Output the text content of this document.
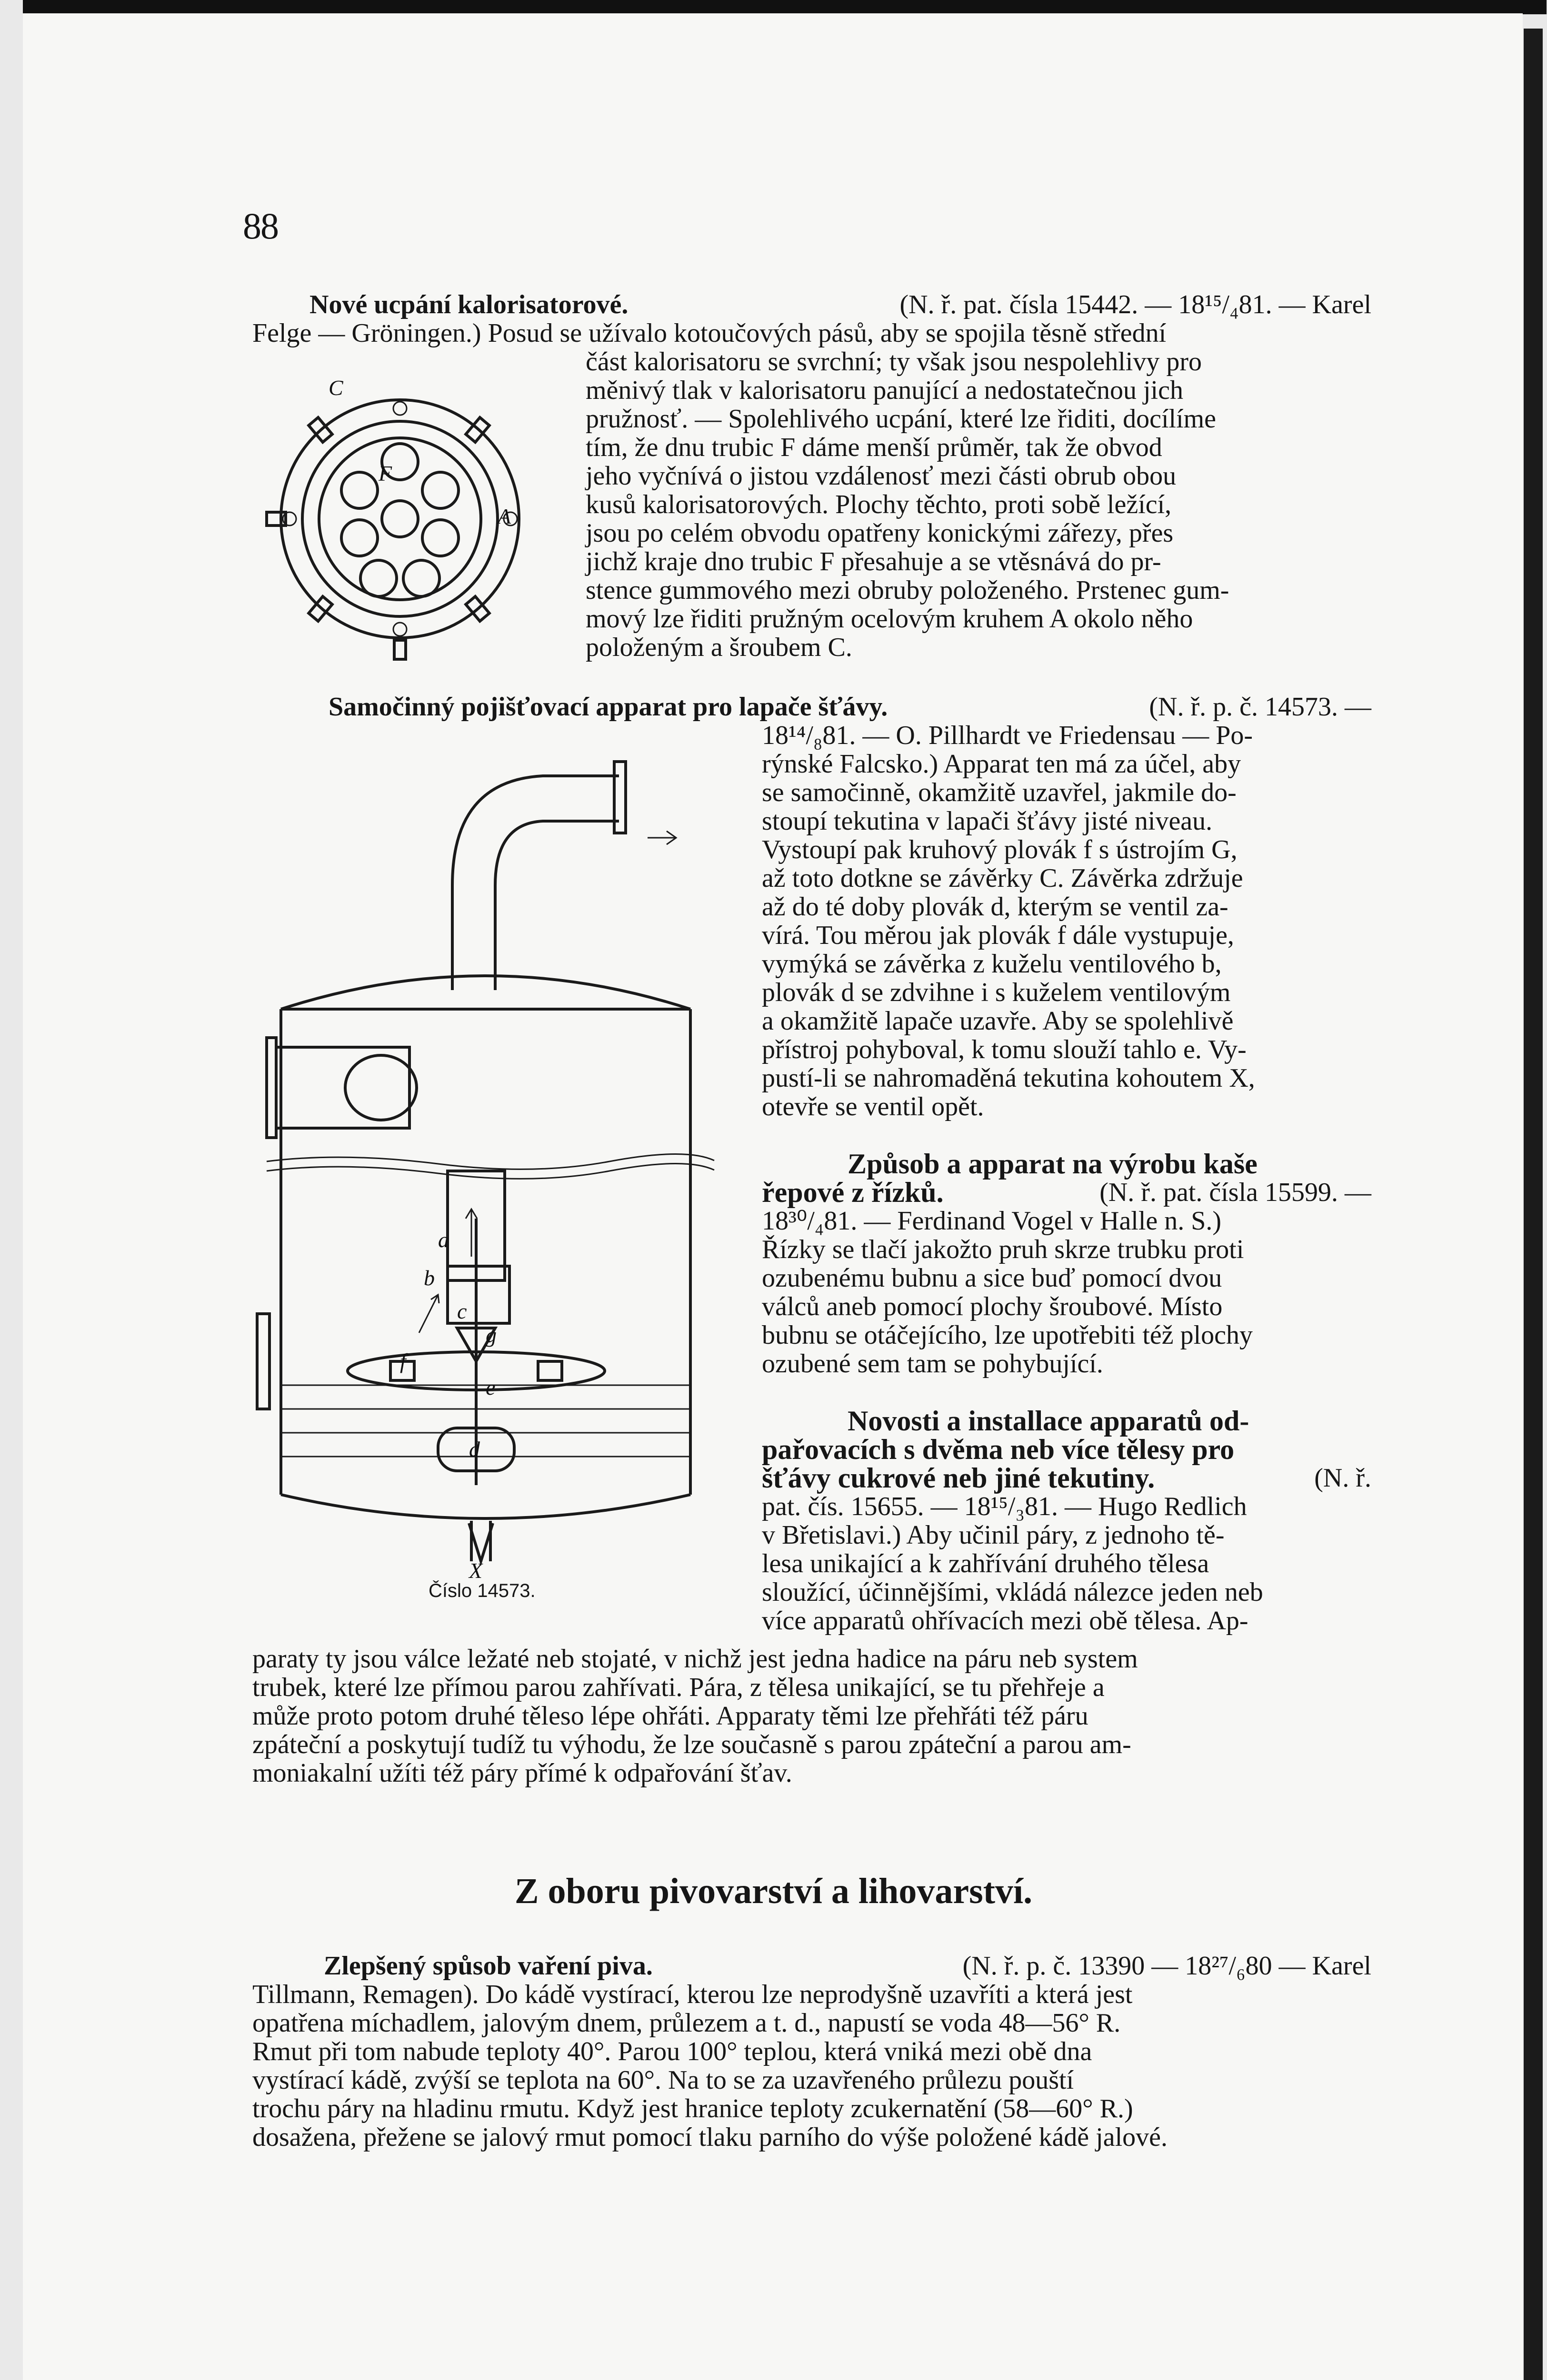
88
Nové ucpání kalorisatorové.	(N. ř. pat. čísla 15442. — 18¹⁵/₄81. — Karel
Felge — Gröningen.) Posud se užívalo kotoučových pásů, aby se spojila těsně střední
C
F
A
část kalorisatoru se svrchní; ty však jsou nespolehlivy pro
měnivý tlak v kalorisatoru panující a nedostatečnou jich
pružnosť. — Spolehlivého ucpání, které lze řiditi, docílíme
tím, že dnu trubic F dáme menší průměr, tak že obvod
jeho vyčnívá o jistou vzdálenosť mezi části obrub obou
kusů kalorisatorových. Plochy těchto, proti sobě ležící,
jsou po celém obvodu opatřeny konickými zářezy, přes
jichž kraje dno trubic F přesahuje a se vtěsnává do pr-
stence gummového mezi obruby položeného. Prstenec gum-
mový lze řiditi pružným ocelovým kruhem A okolo něho
položeným a šroubem C.
Samočinný pojišťovací apparat pro lapače šťávy.	(N. ř. p. č. 14573. —
a
b
c
e
f
g
d
X
Číslo 14573.
18¹⁴/₈81. — O. Pillhardt ve Friedensau — Po-
rýnské Falcsko.) Apparat ten má za účel, aby
se samočinně, okamžitě uzavřel, jakmile do-
stoupí tekutina v lapači šťávy jisté niveau.
Vystoupí pak kruhový plovák f s ústrojím G,
až toto dotkne se závěrky C. Závěrka zdržuje
až do té doby plovák d, kterým se ventil za-
vírá. Tou měrou jak plovák f dále vystupuje,
vymýká se závěrka z kuželu ventilového b,
plovák d se zdvihne i s kuželem ventilovým
a okamžitě lapače uzavře. Aby se spolehlivě
přístroj pohyboval, k tomu slouží tahlo e. Vy-
pustí-li se nahromaděná tekutina kohoutem X,
otevře se ventil opět.
Způsob a apparat na výrobu kaše
řepové z řízků.	(N. ř. pat. čísla 15599. —
18³⁰/₄81. — Ferdinand Vogel v Halle n. S.)
Řízky se tlačí jakožto pruh skrze trubku proti
ozubenému bubnu a sice buď pomocí dvou
válců aneb pomocí plochy šroubové. Místo
bubnu se otáčejícího, lze upotřebiti též plochy
ozubené sem tam se pohybující.
Novosti a installace apparatů od-
pařovacích s dvěma neb více tělesy pro
šťávy cukrové neb jiné tekutiny.	(N. ř.
pat. čís. 15655. — 18¹⁵/₃81. — Hugo Redlich
v Břetislavi.) Aby učinil páry, z jednoho tě-
lesa unikající a k zahřívání druhého tělesa
sloužící, účinnějšími, vkládá nálezce jeden neb
více apparatů ohřívacích mezi obě tělesa. Ap-
paraty ty jsou válce ležaté neb stojaté, v nichž jest jedna hadice na páru neb system
trubek, které lze přímou parou zahřívati. Pára, z tělesa unikající, se tu přehřeje a
může proto potom druhé těleso lépe ohřáti. Apparaty těmi lze přehřáti též páru
zpáteční a poskytují tudíž tu výhodu, že lze současně s parou zpáteční a parou am-
moniakalní užíti též páry přímé k odpařování šťav.
Z oboru pivovarství a lihovarství.
Zlepšený spůsob vaření piva.	(N. ř. p. č. 13390 — 18²⁷/₆80 — Karel
Tillmann, Remagen). Do kádě vystírací, kterou lze neprodyšně uzavříti a která jest
opatřena míchadlem, jalovým dnem, průlezem a t. d., napustí se voda 48—56° R.
Rmut při tom nabude teploty 40°. Parou 100° teplou, která vniká mezi obě dna
vystírací kádě, zvýší se teplota na 60°. Na to se za uzavřeného průlezu pouští
trochu páry na hladinu rmutu. Když jest hranice teploty zcukernatění (58—60° R.)
dosažena, přežene se jalový rmut pomocí tlaku parního do výše položené kádě jalové.
